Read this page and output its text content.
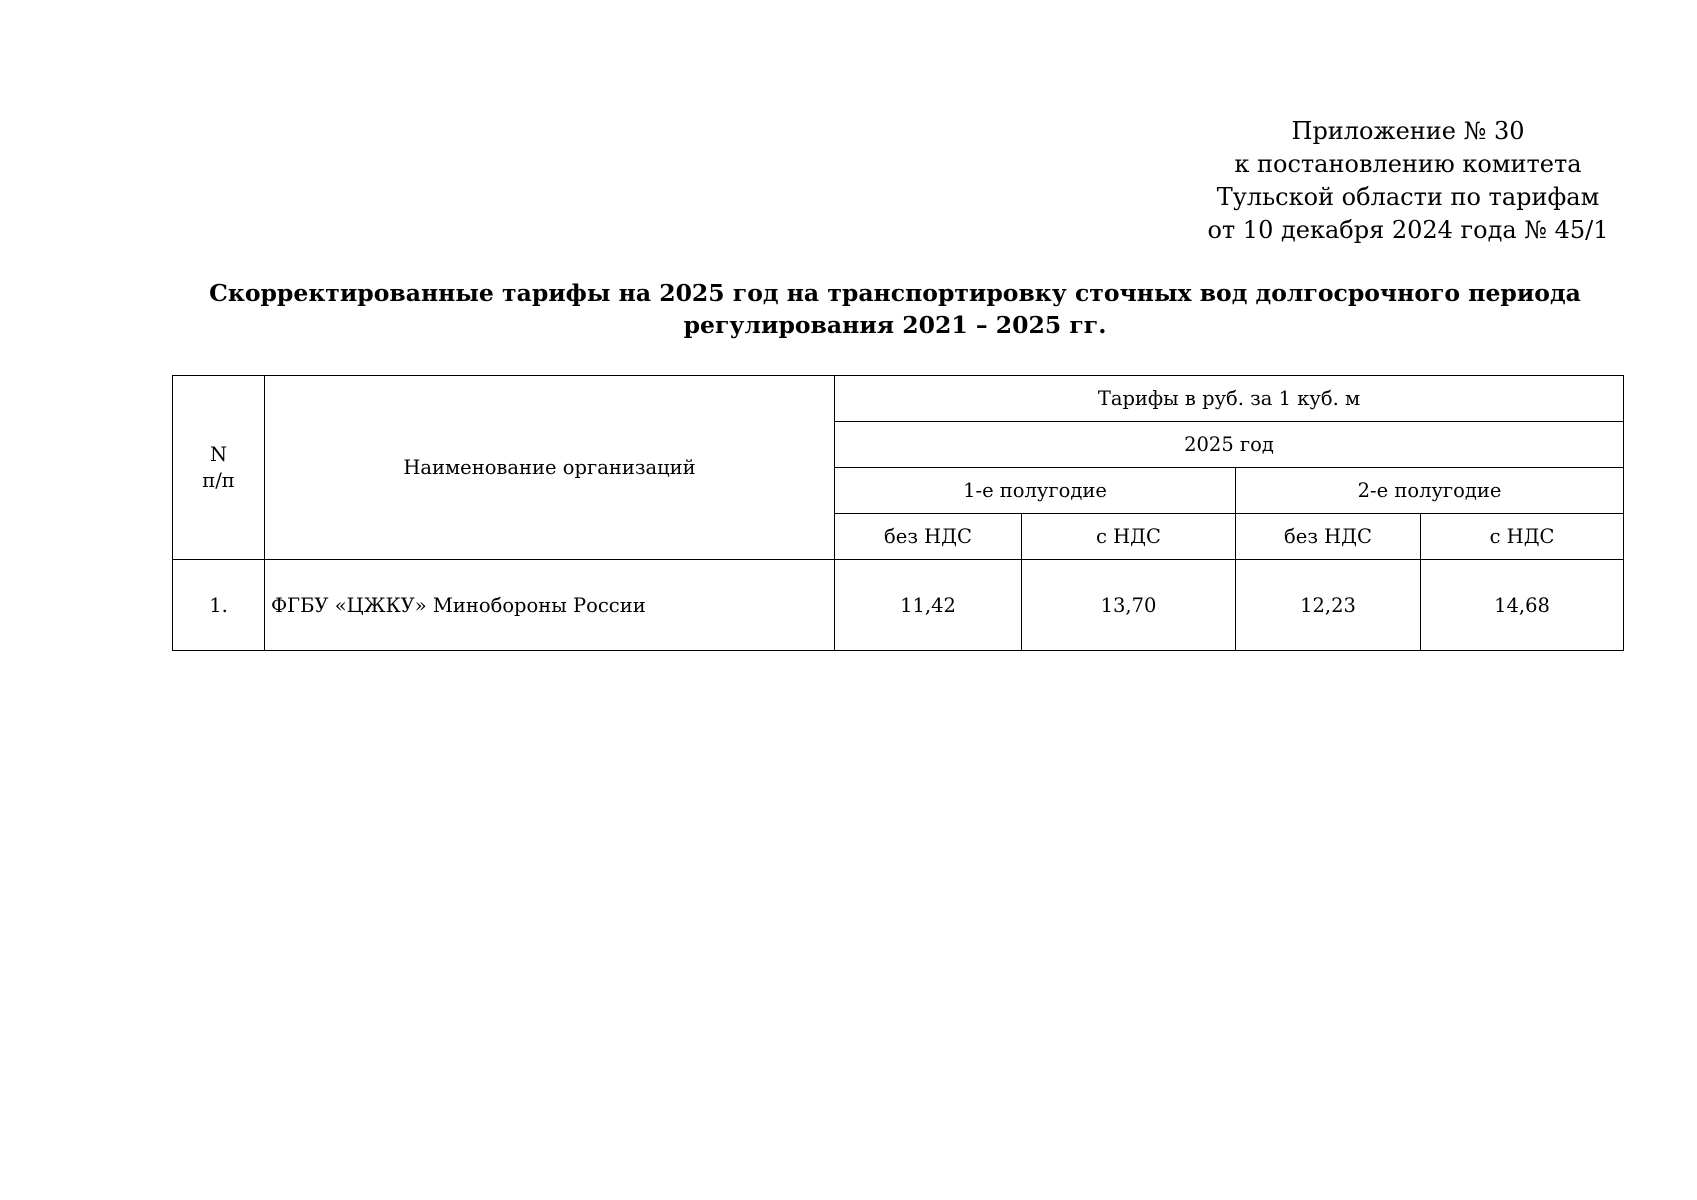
Приложение № 30
к постановлению комитета
Тульской области по тарифам
от 10 декабря 2024 года № 45/1
Скорректированные тарифы на 2025 год на транспортировку сточных вод долгосрочного периода
регулирования 2021 – 2025 гг.
N
п/п	Наименование организаций	Тарифы в руб. за 1 куб. м			
		2025 год			
		1-е полугодие		2-е полугодие	
		без НДС	с НДС	без НДС	с НДС
1.	ФГБУ «ЦЖКУ» Минобороны России	11,42	13,70	12,23	14,68
